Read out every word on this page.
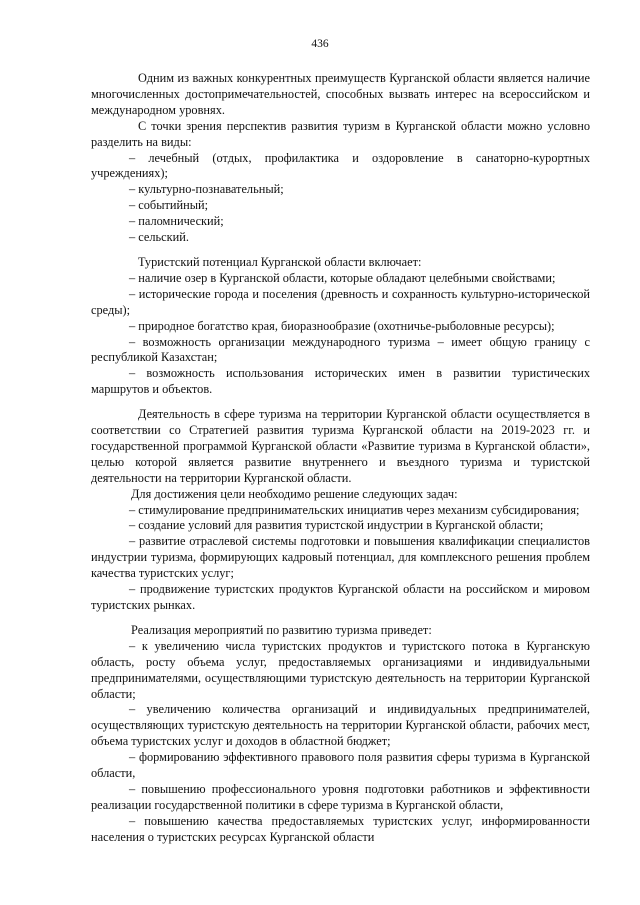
436

Одним из важных конкурентных преимуществ Курганской области является наличие многочисленных достопримечательностей, способных вызвать интерес на всероссийском и международном уровнях.

С точки зрения перспектив развития туризм в Курганской области можно условно разделить на виды:

– лечебный (отдых, профилактика и оздоровление в санаторно-курортных учреждениях);

– культурно-познавательный;

– событийный;

– паломнический;

– сельский.

Туристский потенциал Курганской области включает:

– наличие озер в Курганской области, которые обладают целебными свойствами;

– исторические города и поселения (древность и сохранность культурно-исторической среды);

– природное богатство края, биоразнообразие (охотничье-рыболовные ресурсы);

– возможность организации международного туризма – имеет общую границу с республикой Казахстан;

– возможность использования исторических имен в развитии туристических маршрутов и объектов.

Деятельность в сфере туризма на территории Курганской области осуществляется в соответствии со Стратегией развития туризма Курганской области на 2019-2023 гг. и государственной программой Курганской области «Развитие туризма в Курганской области», целью которой является развитие внутреннего и въездного туризма и туристской деятельности на территории Курганской области.

Для достижения цели необходимо решение следующих задач:

– стимулирование предпринимательских инициатив через механизм субсидирования;

– создание условий для развития туристской индустрии в Курганской области;

– развитие отраслевой системы подготовки и повышения квалификации специалистов индустрии туризма, формирующих кадровый потенциал, для комплексного решения проблем качества туристских услуг;

– продвижение туристских продуктов Курганской области на российском и мировом туристских рынках.

Реализация мероприятий по развитию туризма приведет:

– к увеличению числа туристских продуктов и туристского потока в Курганскую область, росту объема услуг, предоставляемых организациями и индивидуальными предпринимателями, осуществляющими туристскую деятельность на территории Курганской области;

– увеличению количества организаций и индивидуальных предпринимателей, осуществляющих туристскую деятельность на территории Курганской области, рабочих мест, объема туристских услуг и доходов в областной бюджет;

– формированию эффективного правового поля развития сферы туризма в Курганской области,

– повышению профессионального уровня подготовки работников и эффективности реализации государственной политики в сфере туризма в Курганской области,

– повышению качества предоставляемых туристских услуг, информированности населения о туристских ресурсах Курганской области
